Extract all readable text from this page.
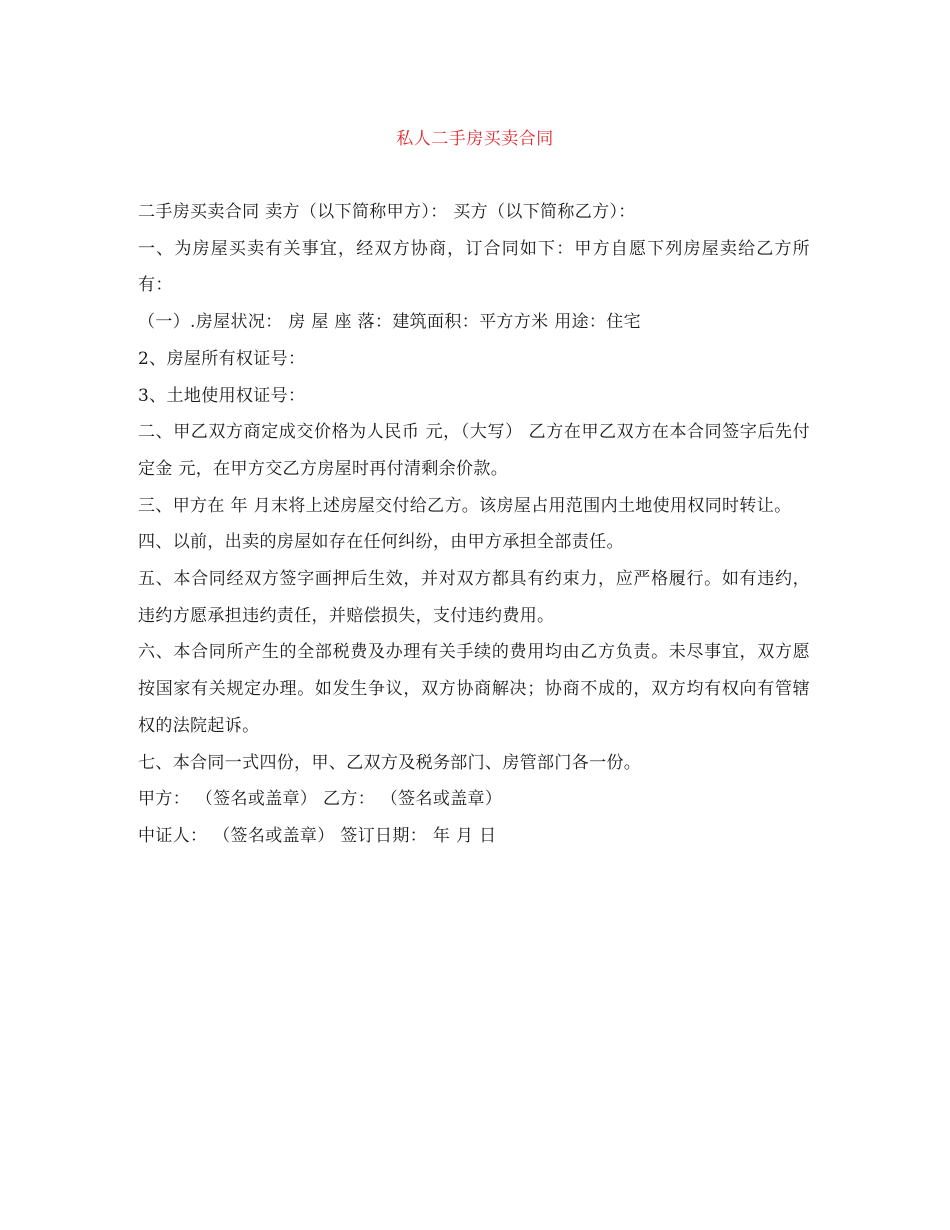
私人二手房买卖合同

二手房买卖合同 卖方（以下简称甲方）： 买方（以下简称乙方）：

一、为房屋买卖有关事宜，经双方协商，订合同如下：甲方自愿下列房屋卖给乙方所有：

（一）.房屋状况： 房 屋 座 落：建筑面积：平方方米 用途：住宅

2、房屋所有权证号：

3、土地使用权证号：

二、甲乙双方商定成交价格为人民币 元，（大写） 乙方在甲乙双方在本合同签字后先付定金 元，在甲方交乙方房屋时再付清剩余价款。

三、甲方在 年 月末将上述房屋交付给乙方。该房屋占用范围内土地使用权同时转让。

四、以前，出卖的房屋如存在任何纠纷，由甲方承担全部责任。

五、本合同经双方签字画押后生效，并对双方都具有约束力，应严格履行。如有违约，违约方愿承担违约责任，并赔偿损失，支付违约费用。

六、本合同所产生的全部税费及办理有关手续的费用均由乙方负责。未尽事宜，双方愿按国家有关规定办理。如发生争议，双方协商解决；协商不成的，双方均有权向有管辖权的法院起诉。

七、本合同一式四份，甲、乙双方及税务部门、房管部门各一份。

甲方： （签名或盖章） 乙方： （签名或盖章）

中证人： （签名或盖章） 签订日期： 年 月 日
